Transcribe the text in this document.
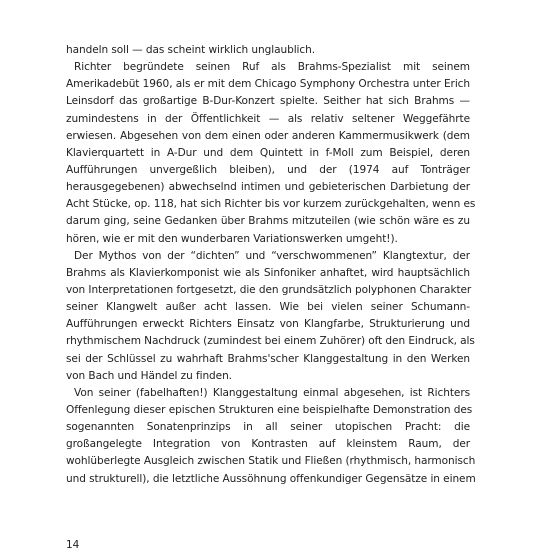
handeln soll — das scheint wirklich unglaublich.
Richter begründete seinen Ruf als Brahms-Spezialist mit seinem
Amerikadebüt 1960, als er mit dem Chicago Symphony Orchestra unter Erich
Leinsdorf das großartige B-Dur-Konzert spielte. Seither hat sich Brahms —
zumindestens in der Öffentlichkeit — als relativ seltener Weggefährte
erwiesen. Abgesehen von dem einen oder anderen Kammermusikwerk (dem
Klavierquartett in A-Dur und dem Quintett in f-Moll zum Beispiel, deren
Aufführungen unvergeßlich bleiben), und der (1974 auf Tonträger
herausgegebenen) abwechselnd intimen und gebieterischen Darbietung der
Acht Stücke, op. 118, hat sich Richter bis vor kurzem zurückgehalten, wenn es
darum ging, seine Gedanken über Brahms mitzuteilen (wie schön wäre es zu
hören, wie er mit den wunderbaren Variationswerken umgeht!).
Der Mythos von der “dichten” und “verschwommenen” Klangtextur, der
Brahms als Klavierkomponist wie als Sinfoniker anhaftet, wird hauptsächlich
von Interpretationen fortgesetzt, die den grundsätzlich polyphonen Charakter
seiner Klangwelt außer acht lassen. Wie bei vielen seiner Schumann-
Aufführungen erweckt Richters Einsatz von Klangfarbe, Strukturierung und
rhythmischem Nachdruck (zumindest bei einem Zuhörer) oft den Eindruck, als
sei der Schlüssel zu wahrhaft Brahms'scher Klanggestaltung in den Werken
von Bach und Händel zu finden.
Von seiner (fabelhaften!) Klanggestaltung einmal abgesehen, ist Richters
Offenlegung dieser epischen Strukturen eine beispielhafte Demonstration des
sogenannten Sonatenprinzips in all seiner utopischen Pracht: die
großangelegte Integration von Kontrasten auf kleinstem Raum, der
wohlüberlegte Ausgleich zwischen Statik und Fließen (rhythmisch, harmonisch
und strukturell), die letztliche Aussöhnung offenkundiger Gegensätze in einem
14
